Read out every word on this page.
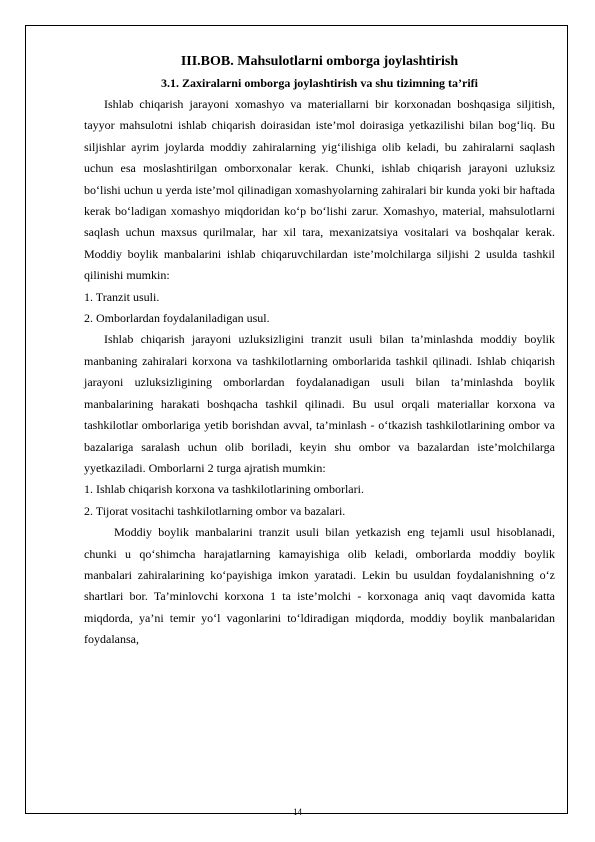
III.BOB. Mahsulotlarni omborga joylashtirish
3.1. Zaxiralarni omborga joylashtirish va shu tizimning ta’rifi

Ishlab chiqarish jarayoni xomashyo va materiallarni bir korxonadan boshqasiga siljitish, tayyor mahsulotni ishlab chiqarish doirasidan iste’mol doirasiga yetkazilishi bilan bog‘liq. Bu siljishlar ayrim joylarda moddiy zahiralarning yig‘ilishiga olib keladi, bu zahiralarni saqlash uchun esa moslashtirilgan omborxonalar kerak. Chunki, ishlab chiqarish jarayoni uzluksiz bo‘lishi uchun u yerda iste’mol qilinadigan xomashyolarning zahiralari bir kunda yoki bir haftada kerak bo‘ladigan xomashyo miqdoridan ko‘p bo‘lishi zarur. Xomashyo, material, mahsulotlarni saqlash uchun maxsus qurilmalar, har xil tara, mexanizatsiya vositalari va boshqalar kerak. Moddiy boylik manbalarini ishlab chiqaruvchilardan iste’molchilarga siljishi 2 usulda tashkil qilinishi mumkin:

1. Tranzit usuli.

2. Omborlardan foydalaniladigan usul.

Ishlab chiqarish jarayoni uzluksizligini tranzit usuli bilan ta’minlashda moddiy boylik manbaning zahiralari korxona va tashkilotlarning omborlarida tashkil qilinadi. Ishlab chiqarish jarayoni uzluksizligining omborlardan foydalanadigan usuli bilan ta’minlashda boylik manbalarining harakati boshqacha tashkil qilinadi. Bu usul orqali materiallar korxona va tashkilotlar omborlariga yetib borishdan avval, ta’minlash - o‘tkazish tashkilotlarining ombor va bazalariga saralash uchun olib boriladi, keyin shu ombor va bazalardan iste’molchilarga yyetkaziladi. Omborlarni 2 turga ajratish mumkin:

1. Ishlab chiqarish korxona va tashkilotlarining omborlari.

2. Tijorat vositachi tashkilotlarning ombor va bazalari.

Moddiy boylik manbalarini tranzit usuli bilan yetkazish eng tejamli usul hisoblanadi, chunki u qo‘shimcha harajatlarning kamayishiga olib keladi, omborlarda moddiy boylik manbalari zahiralarining ko‘payishiga imkon yaratadi. Lekin bu usuldan foydalanishning o‘z shartlari bor. Ta’minlovchi korxona 1 ta iste’molchi - korxonaga aniq vaqt davomida katta miqdorda, ya’ni temir yo‘l vagonlarini to‘ldiradigan miqdorda, moddiy boylik manbalaridan foydalansa,

14
